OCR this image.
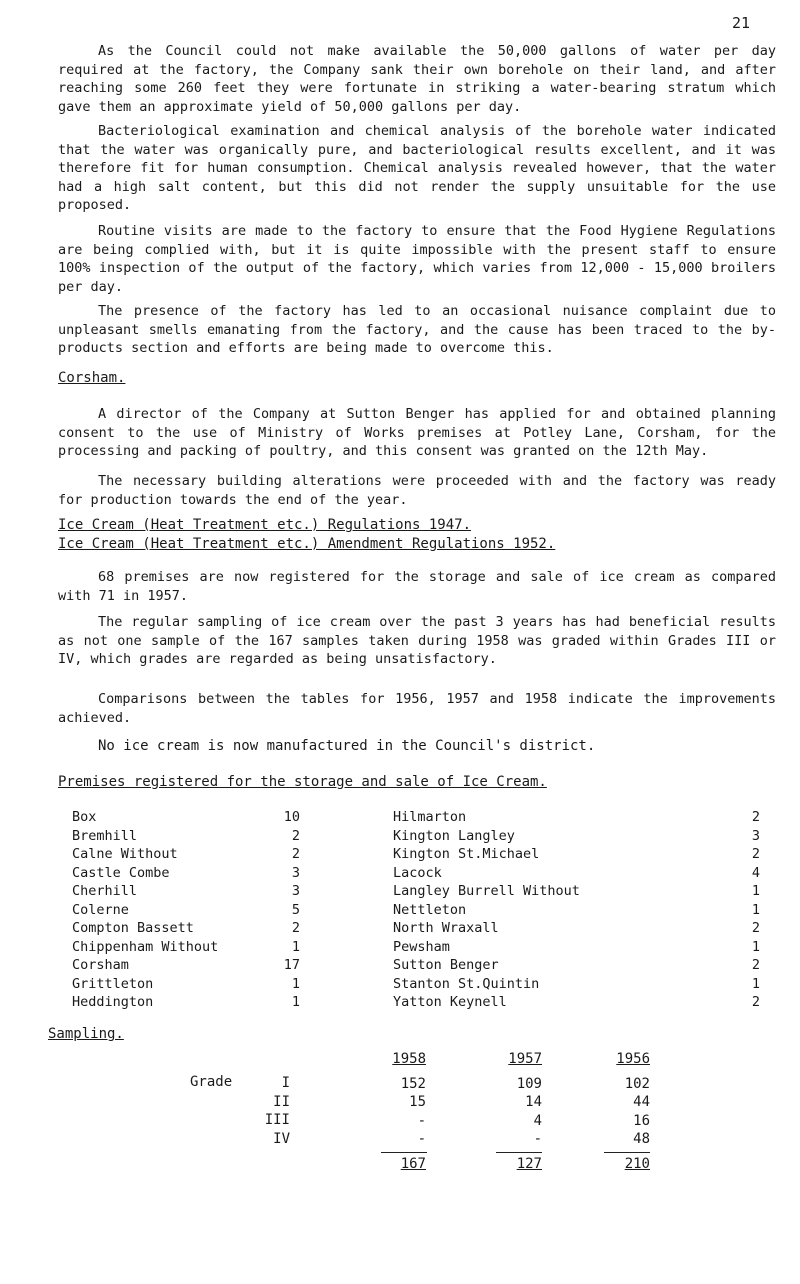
21
As the Council could not make available the 50,000 gallons of water per day required at the factory, the Company sank their own borehole on their land, and after reaching some 260 feet they were fortunate in striking a water-bearing stratum which gave them an approximate yield of 50,000 gallons per day.
Bacteriological examination and chemical analysis of the borehole water indicated that the water was organically pure, and bacteriological results excellent, and it was therefore fit for human consumption. Chemical analysis revealed however, that the water had a high salt content, but this did not render the supply unsuitable for the use proposed.
Routine visits are made to the factory to ensure that the Food Hygiene Regulations are being complied with, but it is quite impossible with the present staff to ensure 100% inspection of the output of the factory, which varies from 12,000 - 15,000 broilers per day.
The presence of the factory has led to an occasional nuisance complaint due to unpleasant smells emanating from the factory, and the cause has been traced to the by-products section and efforts are being made to overcome this.
Corsham.
A director of the Company at Sutton Benger has applied for and obtained planning consent to the use of Ministry of Works premises at Potley Lane, Corsham, for the processing and packing of poultry, and this consent was granted on the 12th May.
The necessary building alterations were proceeded with and the factory was ready for production towards the end of the year.
Ice Cream (Heat Treatment etc.) Regulations 1947.
Ice Cream (Heat Treatment etc.) Amendment Regulations 1952.
68 premises are now registered for the storage and sale of ice cream as compared with 71 in 1957.
The regular sampling of ice cream over the past 3 years has had beneficial results as not one sample of the 167 samples taken during 1958 was graded within Grades III or IV, which grades are regarded as being unsatisfactory.
Comparisons between the tables for 1956, 1957 and 1958 indicate the improvements achieved.
No ice cream is now manufactured in the Council's district.
Premises registered for the storage and sale of Ice Cream.
Box
Bremhill
Calne Without
Castle Combe
Cherhill
Colerne
Compton Bassett
Chippenham Without
Corsham
Grittleton
Heddington
10
2
2
3
3
5
2
1
17
1
1
Hilmarton
Kington Langley
Kington St.Michael
Lacock
Langley Burrell Without
Nettleton
North Wraxall
Pewsham
Sutton Benger
Stanton St.Quintin
Yatton Keynell
2
3
2
4
1
1
2
1
2
1
2
Sampling.
Grade	I
II
III
IV
1958
152
15
-
-
167
1957
109
14
4
-
127
1956
102
44
16
48
210
